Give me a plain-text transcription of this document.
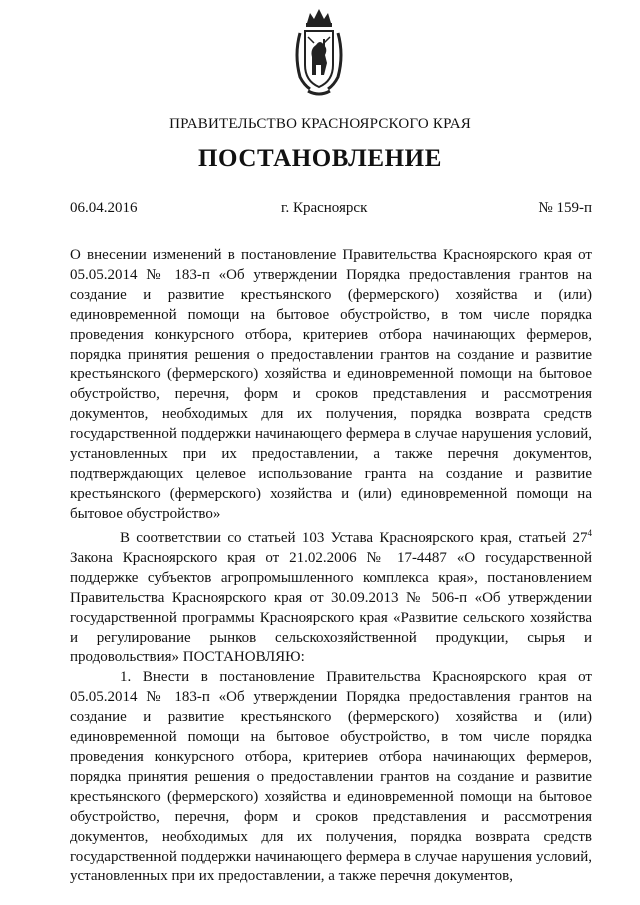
ПРАВИТЕЛЬСТВО КРАСНОЯРСКОГО КРАЯ
ПОСТАНОВЛЕНИЕ
06.04.2016	г. Красноярск	№ 159-п
О внесении изменений в постановление Правительства Красноярского края от 05.05.2014 № 183-п «Об утверждении Порядка предоставления грантов на создание и развитие крестьянского (фермерского) хозяйства и (или) единовременной помощи на бытовое обустройство, в том числе порядка проведения конкурсного отбора, критериев отбора начинающих фермеров, порядка принятия решения о предоставлении грантов на создание и развитие крестьянского (фермерского) хозяйства и единовременной помощи на бытовое обустройство, перечня, форм и сроков представления и рассмотрения документов, необходимых для их получения, порядка возврата средств государственной поддержки начинающего фермера в случае нарушения условий, установленных при их предоставлении, а также перечня документов, подтверждающих целевое использование гранта на создание и развитие крестьянского (фермерского) хозяйства и (или) единовременной помощи на бытовое обустройство»

В соответствии со статьей 103 Устава Красноярского края, статьей $27^4$ Закона Красноярского края от 21.02.2006 № 17-4487 «О государственной поддержке субъектов агропромышленного комплекса края», постановлением Правительства Красноярского края от 30.09.2013 № 506-п «Об утверждении государственной программы Красноярского края «Развитие сельского хозяйства и регулирование рынков сельскохозяйственной продукции, сырья и продовольствия» ПОСТАНОВЛЯЮ:

1. Внести в постановление Правительства Красноярского края от 05.05.2014 № 183-п «Об утверждении Порядка предоставления грантов на создание и развитие крестьянского (фермерского) хозяйства и (или) единовременной помощи на бытовое обустройство, в том числе порядка проведения конкурсного отбора, критериев отбора начинающих фермеров, порядка принятия решения о предоставлении грантов на создание и развитие крестьянского (фермерского) хозяйства и единовременной помощи на бытовое обустройство, перечня, форм и сроков представления и рассмотрения документов, необходимых для их получения, порядка возврата средств государственной поддержки начинающего фермера в случае нарушения условий, установленных при их предоставлении, а также перечня документов,
